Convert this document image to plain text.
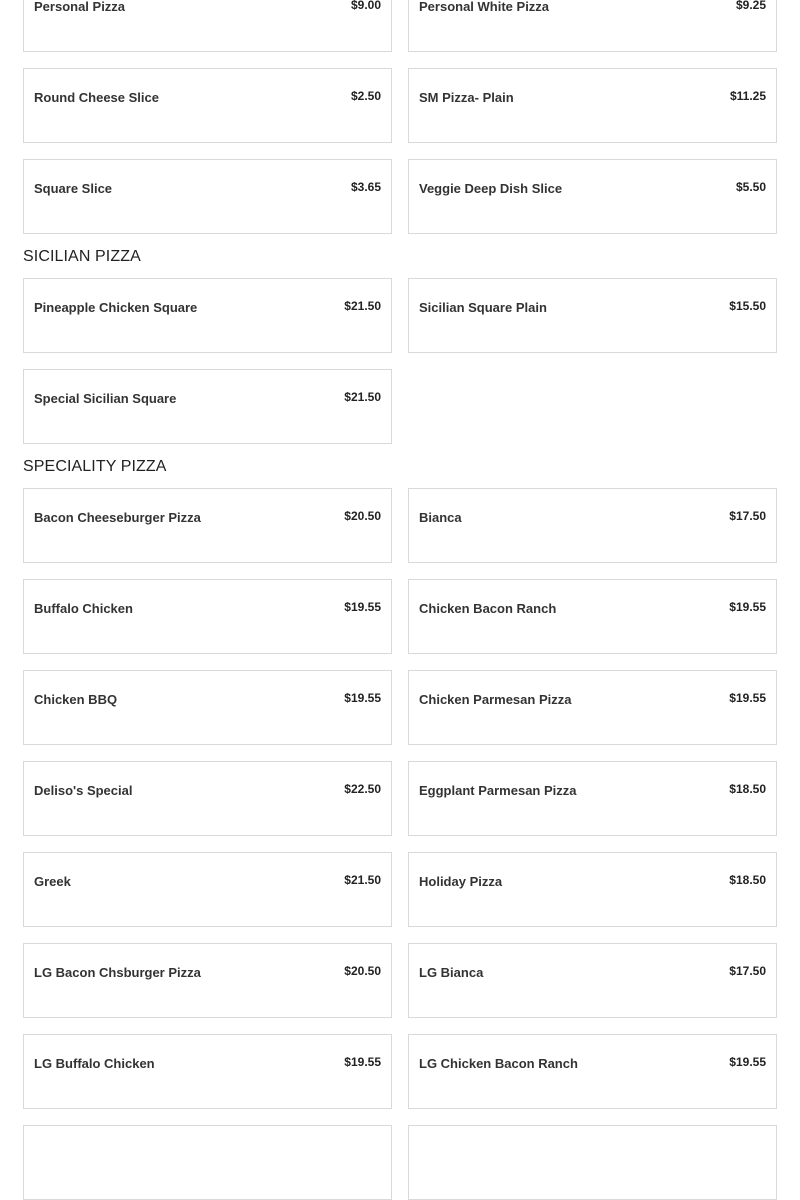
Personal Pizza	$9.00	Personal White Pizza	$9.25
Round Cheese Slice	$2.50	SM Pizza- Plain	$11.25
Square Slice	$3.65	Veggie Deep Dish Slice	$5.50
SICILIAN PIZZA
Pineapple Chicken Square	$21.50	Sicilian Square Plain	$15.50
Special Sicilian Square	$21.50
SPECIALITY PIZZA
Bacon Cheeseburger Pizza	$20.50	Bianca	$17.50
Buffalo Chicken	$19.55	Chicken Bacon Ranch	$19.55
Chicken BBQ	$19.55	Chicken Parmesan Pizza	$19.55
Deliso's Special	$22.50	Eggplant Parmesan Pizza	$18.50
Greek	$21.50	Holiday Pizza	$18.50
LG Bacon Chsburger Pizza	$20.50	LG Bianca	$17.50
LG Buffalo Chicken	$19.55	LG Chicken Bacon Ranch	$19.55
